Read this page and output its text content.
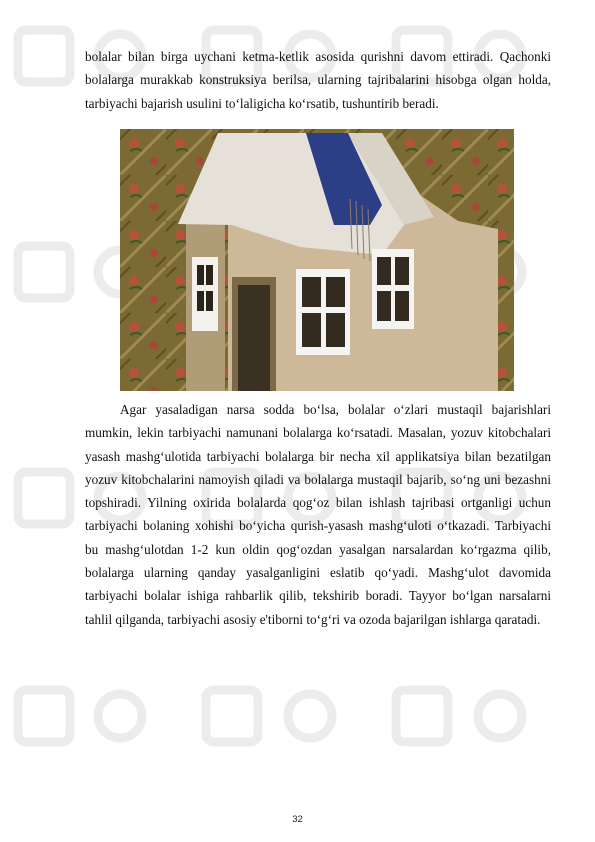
bolalar bilan birga uychani ketma-ketlik asosida qurishni davom ettiradi. Qachonki bolalarga murakkab konstruksiya berilsa, ularning tajribalarini hisobga olgan holda, tarbiyachi bajarish usulini to‘laligicha ko‘rsatib, tushuntirib beradi.

Agar yasaladigan narsa sodda bo‘lsa, bolalar o‘zlari mustaqil bajarishlari mumkin, lekin tarbiyachi namunani bolalarga ko‘rsatadi. Masalan, yozuv kitobchalari yasash mashg‘ulotida tarbiyachi bolalarga bir necha xil applikatsiya bilan bezatilgan yozuv kitobchalarini namoyish qiladi va bolalarga mustaqil bajarib, so‘ng uni bezashni topshiradi. Yilning oxirida bolalarda qog‘oz bilan ishlash tajribasi ortganligi uchun tarbiyachi bolaning xohishi bo‘yicha qurish-yasash mashg‘uloti o‘tkazadi. Tarbiyachi bu mashg‘ulotdan 1-2 kun oldin qog‘ozdan yasalgan narsalardan ko‘rgazma qilib, bolalarga ularning qanday yasalganligini eslatib qo‘yadi. Mashg‘ulot davomida tarbiyachi bolalar ishiga rahbarlik qilib, tekshirib boradi. Tayyor bo‘lgan narsalarni tahlil qilganda, tarbiyachi asosiy e'tiborni to‘g‘ri va ozoda bajarilgan ishlarga qaratadi.

32
